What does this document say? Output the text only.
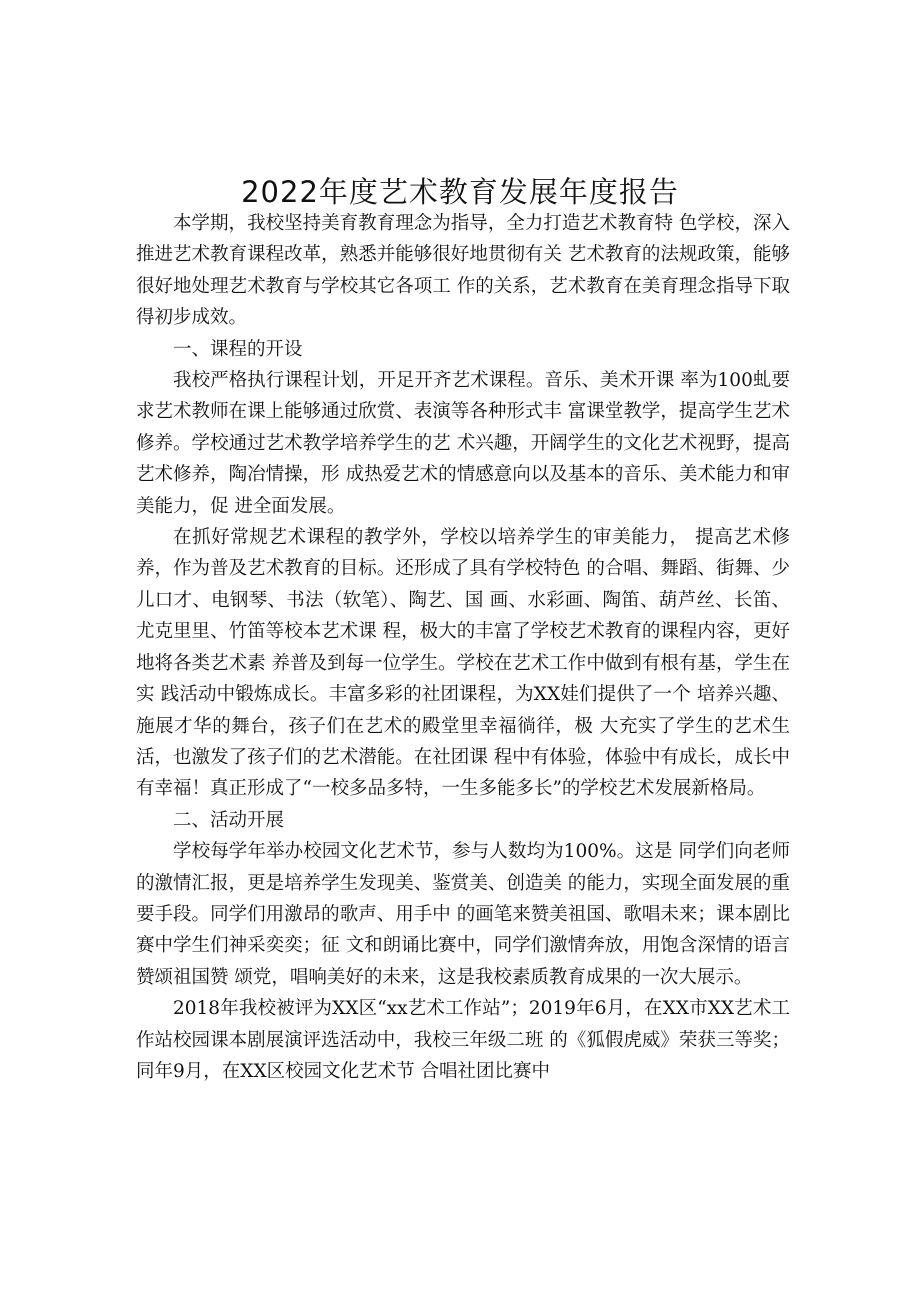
2022年度艺术教育发展年度报告

本学期，我校坚持美育教育理念为指导，全力打造艺术教育特 色学校，深入推进艺术教育课程改革，熟悉并能够很好地贯彻有关 艺术教育的法规政策，能够很好地处理艺术教育与学校其它各项工 作的关系，艺术教育在美育理念指导下取得初步成效。

一、课程的开设

我校严格执行课程计划，开足开齐艺术课程。音乐、美术开课 率为100虬要求艺术教师在课上能够通过欣赏、表演等各种形式丰 富课堂教学，提高学生艺术修养。学校通过艺术教学培养学生的艺 术兴趣，开阔学生的文化艺术视野，提高艺术修养，陶冶情操，形 成热爱艺术的情感意向以及基本的音乐、美术能力和审美能力，促 进全面发展。

在抓好常规艺术课程的教学外，学校以培养学生的审美能力， 提高艺术修养，作为普及艺术教育的目标。还形成了具有学校特色 的合唱、舞蹈、街舞、少儿口才、电钢琴、书法（软笔）、陶艺、国 画、水彩画、陶笛、葫芦丝、长笛、尤克里里、竹笛等校本艺术课 程，极大的丰富了学校艺术教育的课程内容，更好地将各类艺术素 养普及到每一位学生。学校在艺术工作中做到有根有基，学生在实 践活动中锻炼成长。丰富多彩的社团课程，为XX娃们提供了一个 培养兴趣、施展才华的舞台，孩子们在艺术的殿堂里幸福徜徉，极 大充实了学生的艺术生活，也激发了孩子们的艺术潜能。在社团课 程中有体验，体验中有成长，成长中有幸福！真正形成了“一校多品多特，一生多能多长”的学校艺术发展新格局。

二、活动开展

学校每学年举办校园文化艺术节，参与人数均为100%。这是 同学们向老师的激情汇报，更是培养学生发现美、鉴赏美、创造美 的能力，实现全面发展的重要手段。同学们用激昂的歌声、用手中 的画笔来赞美祖国、歌唱未来；课本剧比赛中学生们神采奕奕；征 文和朗诵比赛中，同学们激情奔放，用饱含深情的语言赞颂祖国赞 颂党，唱响美好的未来，这是我校素质教育成果的一次大展示。

2018年我校被评为XX区“xx艺术工作站”；2019年6月，在XX市XX艺术工作站校园课本剧展演评选活动中，我校三年级二班 的《狐假虎威》荣获三等奖；同年9月，在XX区校园文化艺术节 合唱社团比赛中
